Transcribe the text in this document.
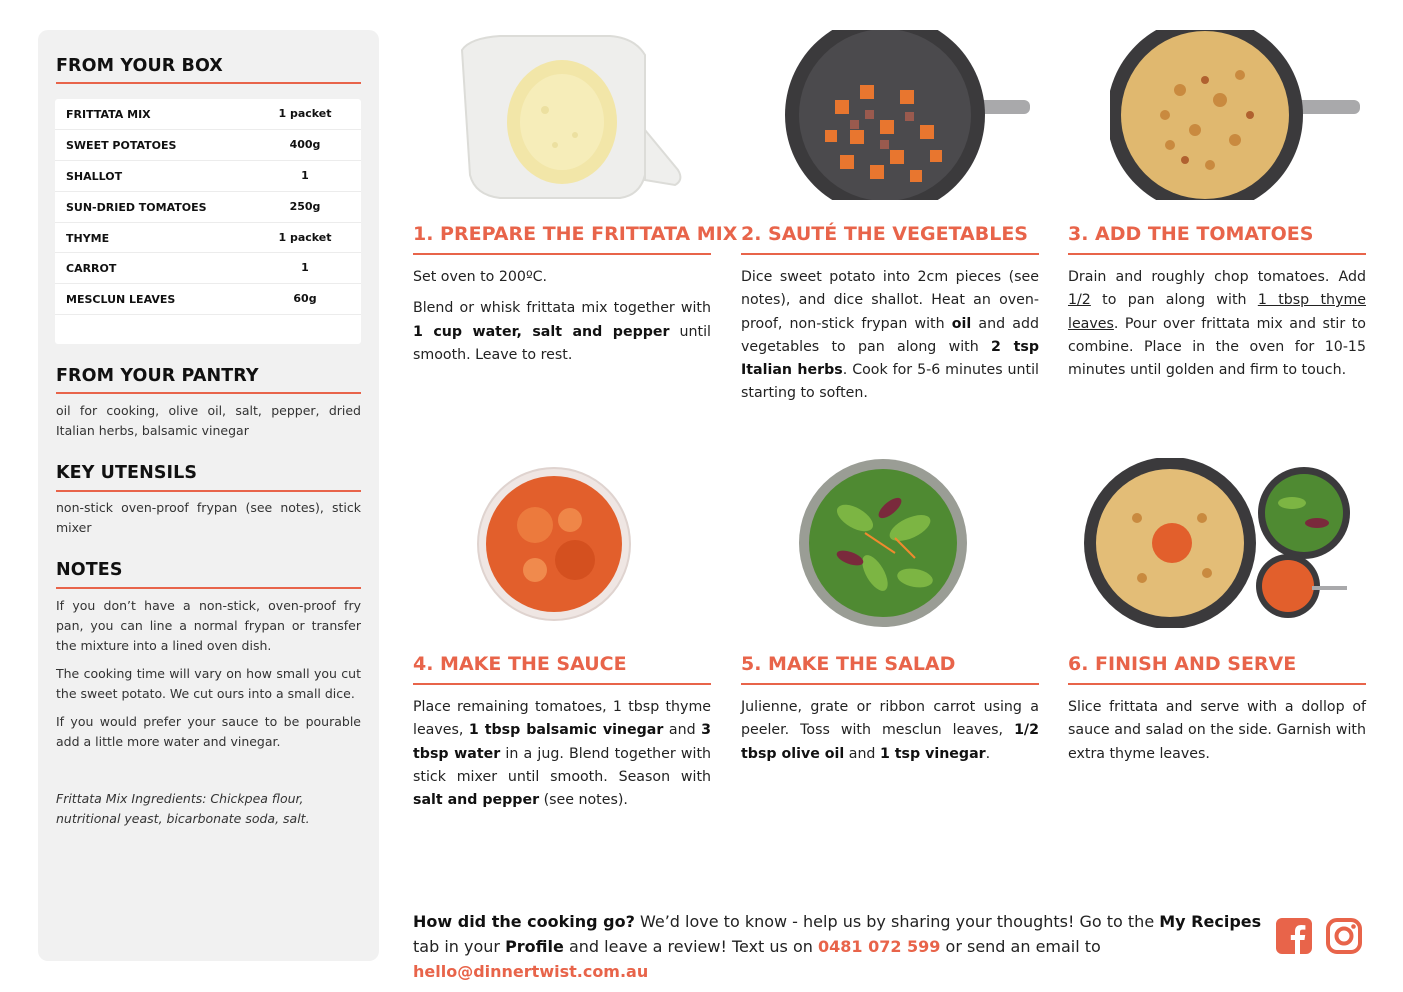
FROM YOUR BOX
FRITTATA MIX	1 packet
SWEET POTATOES	400g
SHALLOT	1
SUN-DRIED TOMATOES	250g
THYME	1 packet
CARROT	1
MESCLUN LEAVES	60g
FROM YOUR PANTRY
oil for cooking, olive oil, salt, pepper, dried Italian herbs, balsamic vinegar
KEY UTENSILS
non-stick oven-proof frypan (see notes), stick mixer
NOTES

If you don’t have a non-stick, oven-proof fry pan, you can line a normal frypan or transfer the mixture into a lined oven dish.

The cooking time will vary on how small you cut the sweet potato. We cut ours into a small dice.

If you would prefer your sauce to be pourable add a little more water and vinegar.

Frittata Mix Ingredients: Chickpea flour, nutritional yeast, bicarbonate soda, salt.
1. PREPARE THE FRITTATA MIX

Set oven to 200ºC.

Blend or whisk frittata mix together with 1 cup water, salt and pepper until smooth. Leave to rest.

2. SAUTÉ THE VEGETABLES

Dice sweet potato into 2cm pieces (see notes), and dice shallot. Heat an oven-proof, non-stick frypan with oil and add vegetables to pan along with 2 tsp Italian herbs. Cook for 5-6 minutes until starting to soften.

3. ADD THE TOMATOES

Drain and roughly chop tomatoes. Add 1/2 to pan along with 1 tbsp thyme leaves. Pour over frittata mix and stir to combine. Place in the oven for 10-15 minutes until golden and firm to touch.

4. MAKE THE SAUCE

Place remaining tomatoes, 1 tbsp thyme leaves, 1 tbsp balsamic vinegar and 3 tbsp water in a jug. Blend together with stick mixer until smooth. Season with salt and pepper (see notes).

5. MAKE THE SALAD

Julienne, grate or ribbon carrot using a peeler. Toss with mesclun leaves, 1/2 tbsp olive oil and 1 tsp vinegar.

6. FINISH AND SERVE

Slice frittata and serve with a dollop of sauce and salad on the side. Garnish with extra thyme leaves.

How did the cooking go? We’d love to know - help us by sharing your thoughts! Go to the My Recipes tab in your Profile and leave a review! Text us on 0481 072 599 or send an email to hello@dinnertwist.com.au
